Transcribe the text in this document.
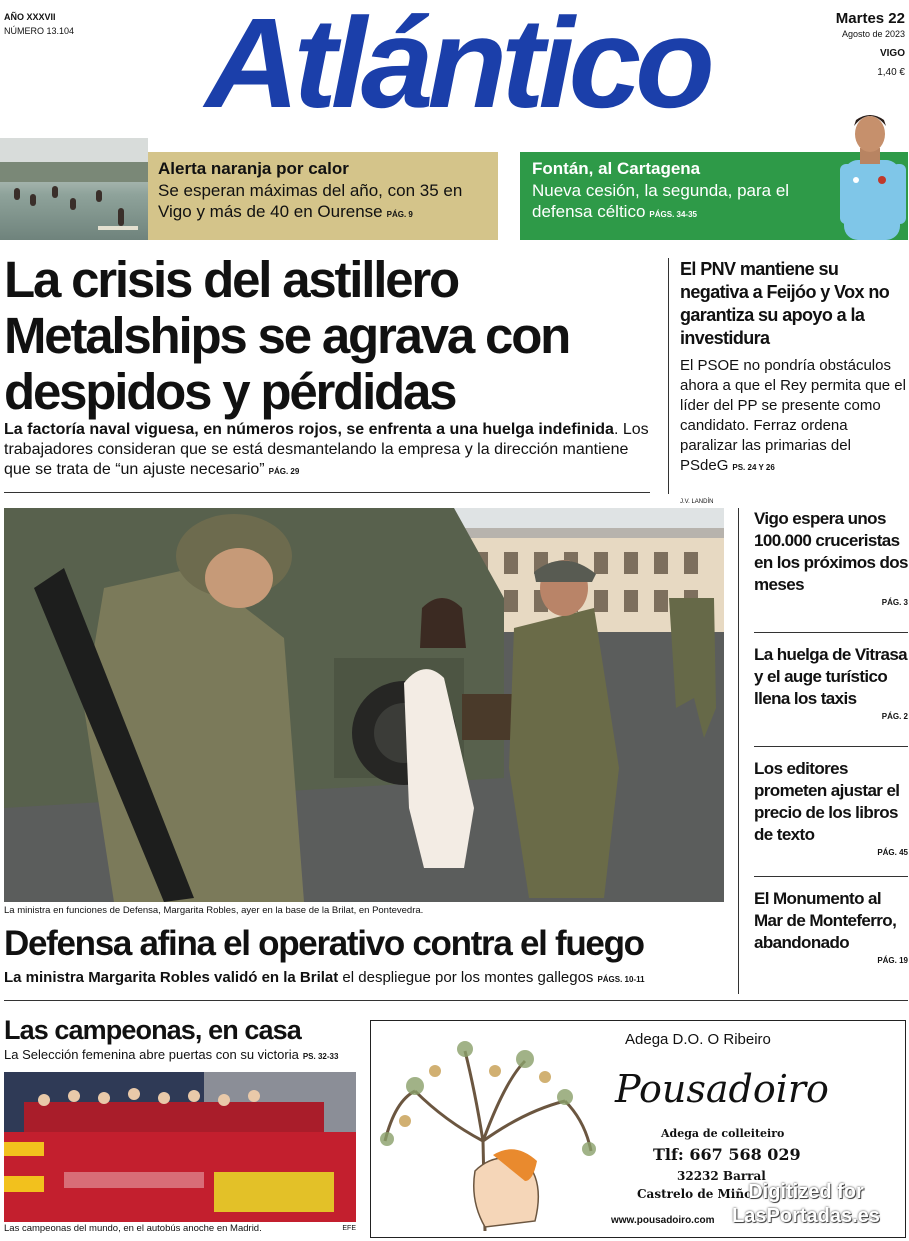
AÑO XXXVII
NÚMERO 13.104	Atlántico	Martes 22
Agosto de 2023
VIGO
1,40 €
Alerta naranja por calor
Se esperan máximas del año, con 35 en Vigo y más de 40 en Ourense PÁG. 9
Fontán, al Cartagena
Nueva cesión, la segunda, para el defensa céltico PÁGS. 34-35
La crisis del astillero Metalships se agrava con despidos y pérdidas
La factoría naval viguesa, en números rojos, se enfrenta a una huelga indefinida. Los trabajadores consideran que se está desmantelando la empresa y la dirección mantiene que se trata de “un ajuste necesario” PÁG. 29
El PNV mantiene su negativa a Feijóo y Vox no garantiza su apoyo a la investidura
El PSOE no pondría obstáculos ahora a que el Rey permita que el líder del PP se presente como candidato. Ferraz ordena paralizar las primarias del PSdeG PS. 24 Y 26
J.V. LANDÍN
La ministra en funciones de Defensa, Margarita Robles, ayer en la base de la Brilat, en Pontevedra.
Defensa afina el operativo contra el fuego
La ministra Margarita Robles validó en la Brilat el despliegue por los montes gallegos PÁGS. 10-11
Vigo espera unos 100.000 cruceristas en los próximos dos meses
PÁG. 3
La huelga de Vitrasa y el auge turístico llena los taxis
PÁG. 2
Los editores prometen ajustar el precio de los libros de texto
PÁG. 45
El Monumento al Mar de Monteferro, abandonado
PÁG. 19
Las campeonas, en casa
La Selección femenina abre puertas con su victoria PS. 32-33
Las campeonas del mundo, en el autobús anoche en Madrid.	EFE
Adega D.O. O Ribeiro
Pousadoiro
Adega de colleiteiro
Tlf: 667 568 029
32232 Barral
Castrelo de Miño
www.pousadoiro.com
Digitized for LasPortadas.es
